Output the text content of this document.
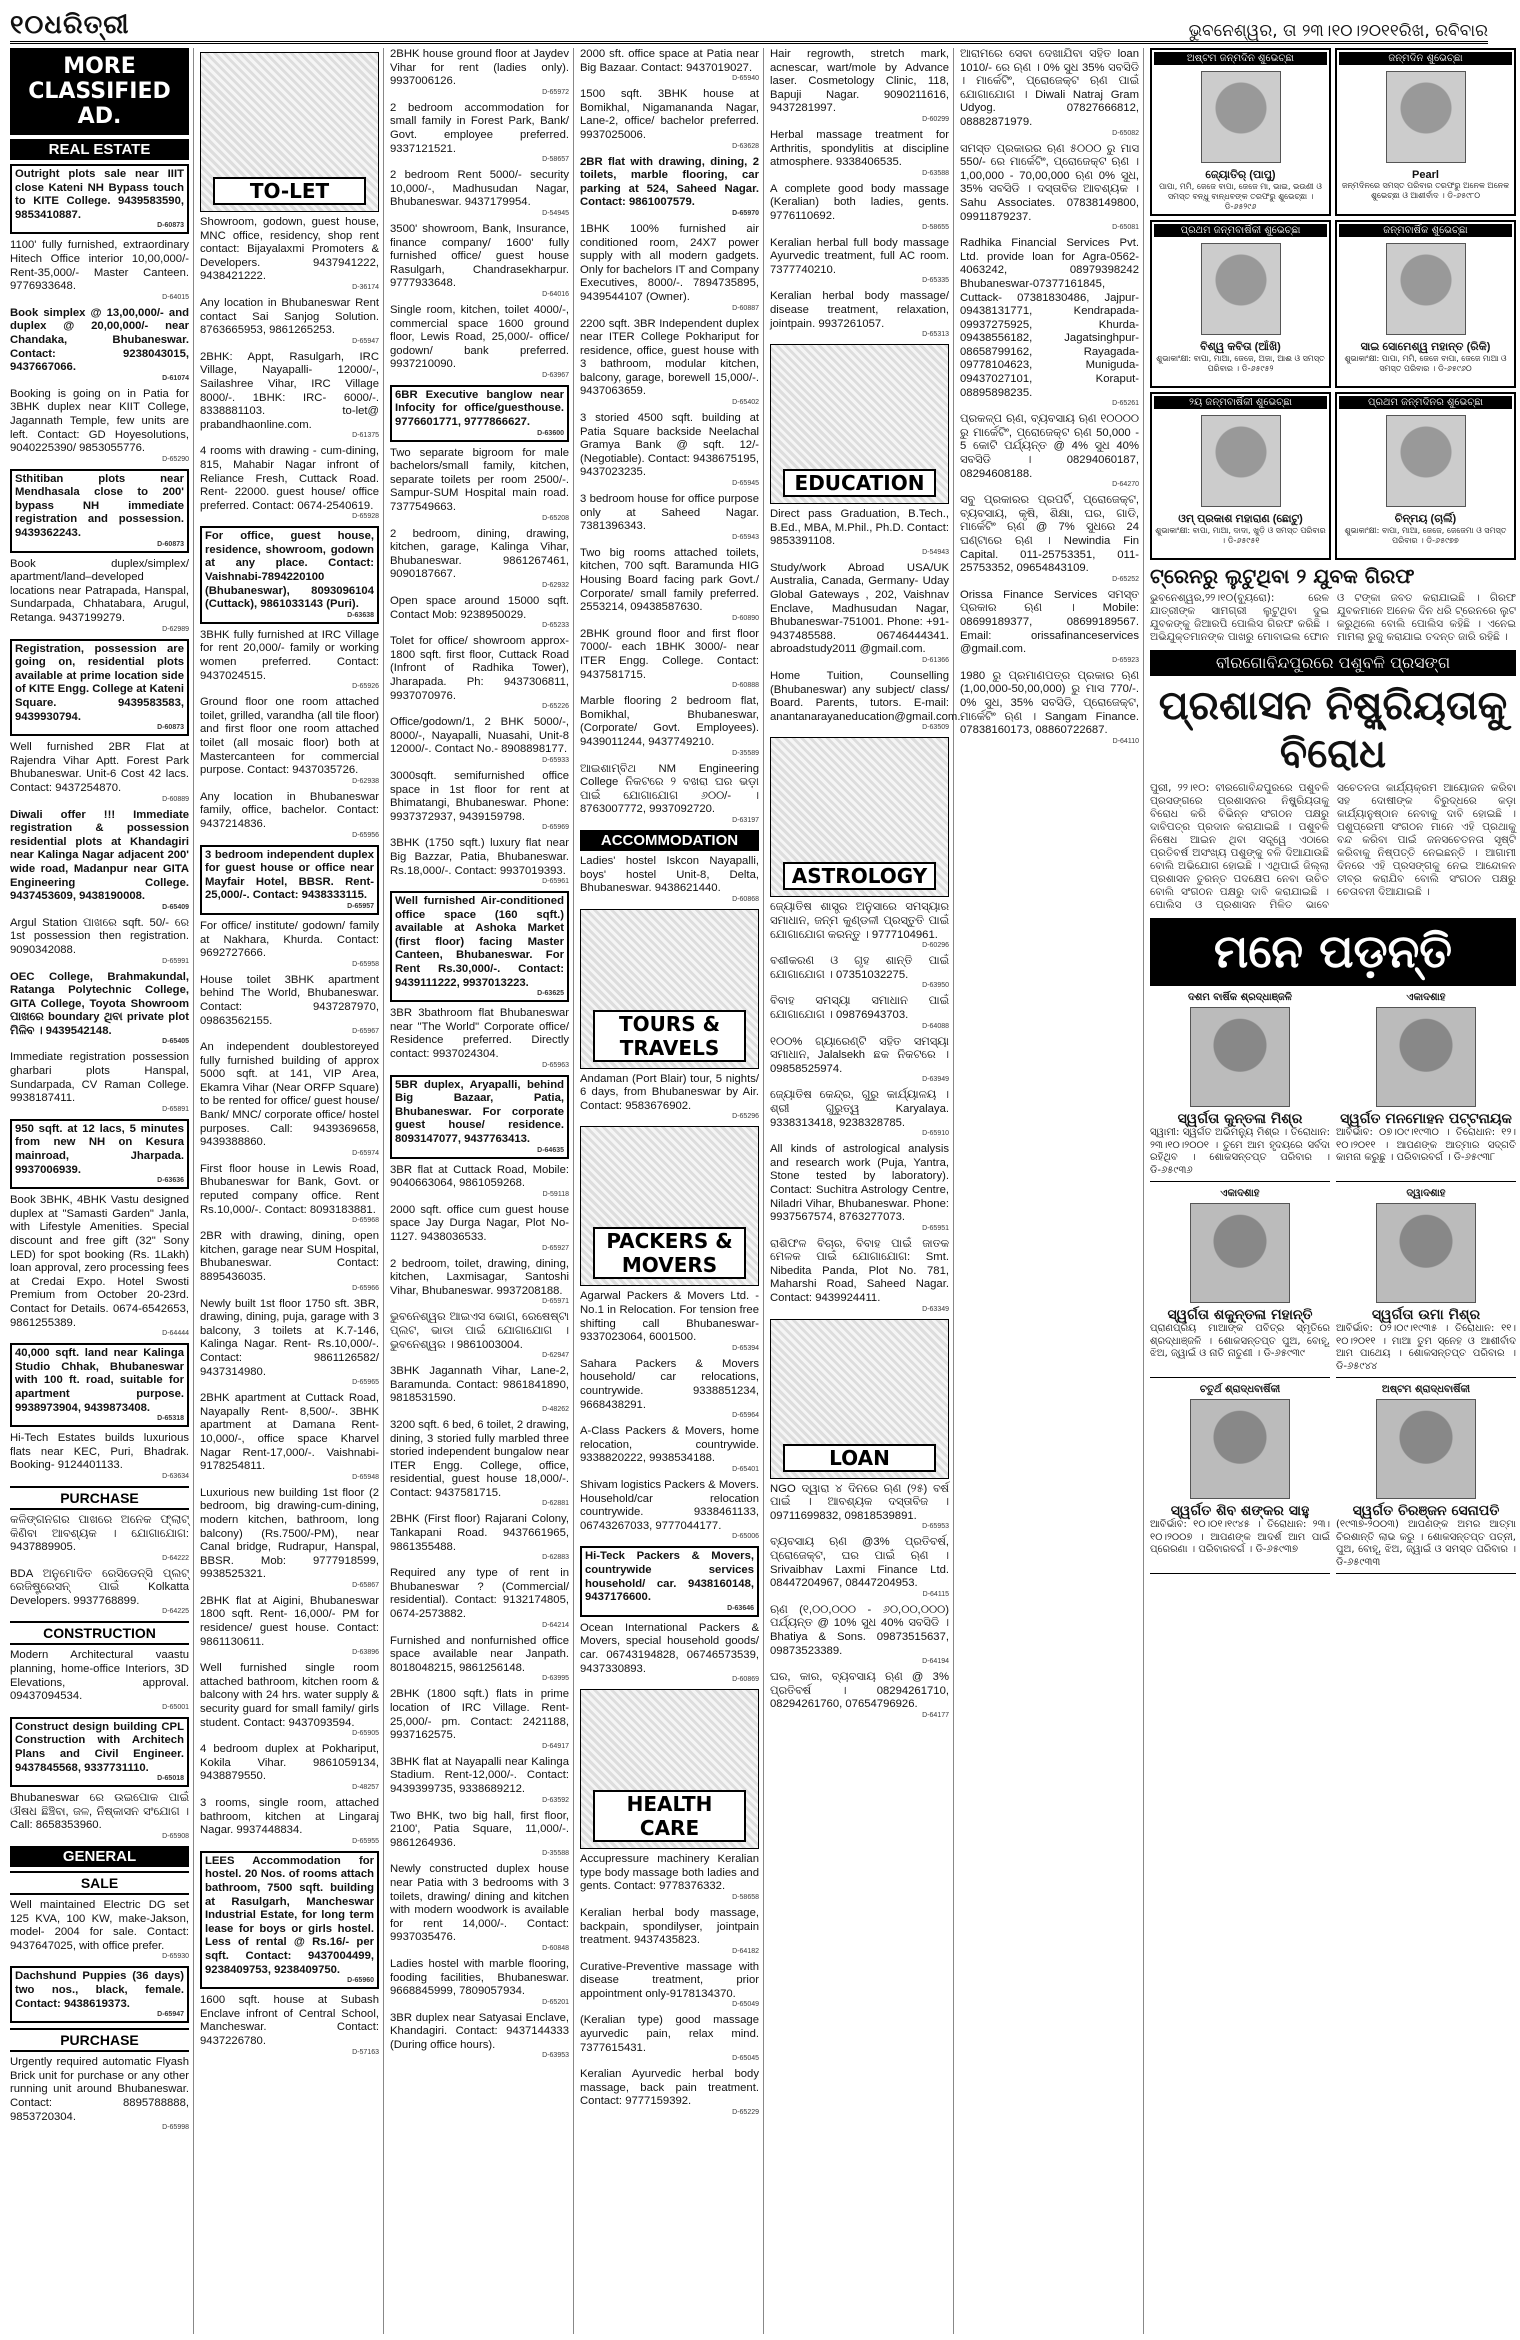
୧୦ଧରିତ୍ରୀ	ଭୁବନେଶ୍ୱର, ତା ୨୩।୧୦।୨୦୧୧ରିଖ, ରବିବାର
MORE CLASSIFIED AD.
REAL ESTATE
Outright plots sale near IIIT close Kateni NH Bypass touch to KITE College. 9439583590, 9853410887.
D-60873
1100' fully furnished, extraordinary Hitech Office interior 10,00,000/- Rent-35,000/- Master Canteen. 9776933648.
D-64015
Book simplex @ 13,00,000/- and duplex @ 20,00,000/- near Chandaka, Bhubaneswar. Contact: 9238043015, 9437667066.
D-61074
Booking is going on in Patia for 3BHK duplex near KIIT College, Jagannath Temple, few units are left. Contact: GD Hoyesolutions, 9040225390/ 9853055776.
D-65290
Sthitiban plots near Mendhasala close to 200' bypass NH immediate registration and possession. 9439362243.
D-60873
Book duplex/simplex/ apartment/land–developed locations near Patrapada, Hanspal, Sundarpada, Chhatabara, Arugul, Retanga. 9437199279.
D-62989
Registration, possession are going on, residential plots available at prime location side of KITE Engg. College at Kateni Square. 9439583583, 9439930794.
D-60873
Well furnished 2BR Flat at Rajendra Vihar Aptt. Forest Park Bhubaneswar. Unit-6 Cost 42 lacs. Contact: 9437254870.
D-60889
Diwali offer !!! Immediate registration & possession residential plots at Khandagiri near Kalinga Nagar adjacent 200' wide road, Madanpur near GITA Engineering College. 9437453609, 9438190008.
D-65409
Argul Station ପାଖରେ sqft. 50/- ରେ 1st possession then registration. 9090342088.
D-65991
OEC College, Brahmakundal, Ratanga Polytechnic College, GITA College, Toyota Showroom ପାଖରେ boundary ଥିବା private plot ମିଳିବ । 9439542148.
D-65405
Immediate registration possession gharbari plots Hanspal, Sundarpada, CV Raman College. 9938187411.
D-65891
950 sqft. at 12 lacs, 5 minutes from new NH on Kesura mainroad, Jharpada. 9937006939.
D-63636
Book 3BHK, 4BHK Vastu designed duplex at "Samasti Garden" Janla, with Lifestyle Amenities. Special discount and free gift (32" Sony LED) for spot booking (Rs. 1Lakh) loan approval, zero processing fees at Credai Expo. Hotel Swosti Premium from October 20-23rd. Contact for Details. 0674-6542653, 9861255389.
D-64444
40,000 sqft. land near Kalinga Studio Chhak, Bhubaneswar with 100 ft. road, suitable for apartment purpose. 9938973904, 9439873408.
D-65318
Hi-Tech Estates builds luxurious flats near KEC, Puri, Bhadrak. Booking- 9124401133.
D-63634
PURCHASE
କଳିଙ୍ଗନଗର ପାଖରେ ଅନେକ ଫ୍ଲାଟ୍ କିଣିବା ଆବଶ୍ୟକ । ଯୋଗାଯୋଗ: 9437889905.
D-64222
BDA ଅନୁମୋଦିତ ରେସିଡେନ୍ସି ପ୍ଲଟ୍ ରେଜିଷ୍ଟ୍ରେସନ୍ ପାଇଁ Kolkatta Developers. 9937768899.
D-64225
CONSTRUCTION
Modern Architectural vaastu planning, home-office Interiors, 3D Elevations, approval. 09437094534.
D-65001
Construct design building CPL Construction with Architech Plans and Civil Engineer. 9437845568, 9337731110.
D-65018
Bhubaneswar ରେ ଉଇପୋକ ପାଇଁ ଔଷଧ ଛିଞ୍ଚିବା, ଜଳ, ନିଷ୍କାସନ ସଂଯୋଗ । Call: 8658353960.
D-65908
GENERAL
SALE
Well maintained Electric DG set 125 KVA, 100 KW, make-Jakson, model- 2004 for sale. Contact: 9437647025, with office prefer.
D-65930
Dachshund Puppies (36 days) two nos., black, female. Contact: 9438619373.
D-65947
PURCHASE
Urgently required automatic Flyash Brick unit for purchase or any other running unit around Bhubaneswar. Contact: 8895788888, 9853720304.
D-65998
TO-LET
Showroom, godown, guest house, MNC office, residency, shop rent contact: Bijayalaxmi Promoters & Developers. 9437941222, 9438421222.
D-36174
Any location in Bhubaneswar Rent contact Sai Sanjog Solution. 8763665953, 9861265253.
D-65947
2BHK: Appt, Rasulgarh, IRC Village, Nayapalli- 12000/-, Sailashree Vihar, IRC Village 8000/-. 1BHK: IRC- 6000/-. 8338881103. to-let@ prabandhaonline.com.
D-61375
4 rooms with drawing - cum-dining, 815, Mahabir Nagar infront of Reliance Fresh, Cuttack Road. Rent- 22000. guest house/ office preferred. Contact: 0674-2540619.
D-65928
For office, guest house, residence, showroom, godown at any place. Contact: Vaishnabi-7894220100 (Bhubaneswar), 8093096104 (Cuttack), 9861033143 (Puri).
D-63638
3BHK fully furnished at IRC Village for rent 20,000/- family or working women preferred. Contact: 9437024515.
D-65926
Ground floor one room attached toilet, grilled, varandha (all tile floor) and first floor one room attached toilet (all mosaic floor) both at Mastercanteen for commercial purpose. Contact: 9437035726.
D-62938
Any location in Bhubaneswar family, office, bachelor. Contact: 9437214836.
D-65956
3 bedroom independent duplex for guest house or office near Mayfair Hotel, BBSR. Rent- 25,000/-. Contact: 9438333115.
D-65957
For office/ institute/ godown/ family at Nakhara, Khurda. Contact: 9692727666.
D-65958
House toilet 3BHK apartment behind The World, Bhubaneswar. Contact: 9437287970, 09863562155.
D-65967
An independent doublestoreyed fully furnished building of approx 5000 sqft. at 141, VIP Area, Ekamra Vihar (Near ORFP Square) to be rented for office/ guest house/ Bank/ MNC/ corporate office/ hostel purposes. Call: 9439369658, 9439388860.
D-65974
First floor house in Lewis Road, Bhubaneswar for Bank, Govt. or reputed company office. Rent Rs.10,000/-. Contact: 8093183881.
D-65968
2BR with drawing, dining, open kitchen, garage near SUM Hospital, Bhubaneswar. Contact: 8895436035.
D-65966
Newly built 1st floor 1750 sft. 3BR, drawing, dining, puja, garage with 3 balcony, 3 toilets at K.7-146, Kalinga Nagar. Rent- Rs.10,000/-. Contact: 9861126582/ 9437314980.
D-65965
2BHK apartment at Cuttack Road, Nayapally Rent- 8,500/-. 3BHK apartment at Damana Rent-10,000/-, office space Kharvel Nagar Rent-17,000/-. Vaishnabi- 9178254811.
D-65948
Luxurious new building 1st floor (2 bedroom, big drawing-cum-dining, modern kitchen, bathroom, long balcony) (Rs.7500/-PM), near Canal bridge, Rudrapur, Hanspal, BBSR. Mob: 9777918599, 9938525321.
D-65867
2BHK flat at Aigini, Bhubaneswar 1800 sqft. Rent- 16,000/- PM for residence/ guest house. Contact: 9861130611.
D-63896
Well furnished single room attached bathroom, kitchen room & balcony with 24 hrs. water supply & security guard for small family/ girls student. Contact: 9437093594.
D-65905
4 bedroom duplex at Pokhariput, Kokila Vihar. 9861059134, 9438879550.
D-48257
3 rooms, single room, attached bathroom, kitchen at Lingaraj Nagar. 9937448834.
D-65955
LEES Accommodation for hostel. 20 Nos. of rooms attach bathroom, 7500 sqft. building at Rasulgarh, Mancheswar Industrial Estate, for long term lease for boys or girls hostel. Less of rental @ Rs.16/- per sqft. Contact: 9437004499, 9238409753, 9238409750.
D-65960
1600 sqft. house at Subash Enclave infront of Central School, Mancheswar. Contact: 9437226780.
D-57163
2BHK house ground floor at Jaydev Vihar for rent (ladies only). 9937006126.
D-65972
2 bedroom accommodation for small family in Forest Park, Bank/ Govt. employee preferred. 9337121521.
D-58657
2 bedroom Rent 5000/- security 10,000/-, Madhusudan Nagar, Bhubaneswar. 9437179954.
D-54945
3500' showroom, Bank, Insurance, finance company/ 1600' fully furnished office/ guest house Rasulgarh, Chandrasekharpur. 9777933648.
D-64016
Single room, kitchen, toilet 4000/-, commercial space 1600 ground floor, Lewis Road, 25,000/- office/ godown/ bank preferred. 9937210090.
D-63967
6BR Executive banglow near Infocity for office/guesthouse. 9776601771, 9777866627.
D-63600
Two separate bigroom for male bachelors/small family, kitchen, separate toilets per room 2500/-. Sampur-SUM Hospital main road. 7377549663.
D-65208
2 bedroom, dining, drawing, kitchen, garage, Kalinga Vihar, Bhubaneswar. 9861267461, 9090187667.
D-62932
Open space around 15000 sqft. Contact Mob: 9238950029.
D-65233
Tolet for office/ showroom approx- 1800 sqft. first floor, Cuttack Road (Infront of Radhika Tower), Jharapada. Ph: 9437306811, 9937070976.
D-65226
Office/godown/1, 2 BHK 5000/-, 8000/-, Nayapalli, Nuasahi, Unit-8 12000/-. Contact No.- 8908898177.
D-65933
3000sqft. semifurnished office space in 1st floor for rent at Bhimatangi, Bhubaneswar. Phone: 9937372937, 9439159798.
D-65969
3BHK (1750 sqft.) luxury flat near Big Bazzar, Patia, Bhubaneswar. Rs.18,000/-. Contact: 9937019393.
D-65961
Well furnished Air-conditioned office space (160 sqft.) available at Ashoka Market (first floor) facing Master Canteen, Bhubaneswar. For Rent Rs.30,000/-. Contact: 9439111222, 9937013223.
D-63625
3BR 3bathroom flat Bhubaneswar near "The World" Corporate office/ Residence preferred. Directly contact: 9937024304.
D-65963
5BR duplex, Aryapalli, behind Big Bazaar, Patia, Bhubaneswar. For corporate guest house/ residence. 8093147077, 9437763413.
D-64635
3BR flat at Cuttack Road, Mobile: 9040663064, 9861059268.
D-59118
2000 sqft. office cum guest house space Jay Durga Nagar, Plot No-1127. 9438036533.
D-65927
2 bedroom, toilet, drawing, dining, kitchen, Laxmisagar, Santoshi Vihar, Bhubaneswar. 9937208188.
D-65971
ଭୁବନେଶ୍ୱର ଆଇଏସ ଭୋଗ, ରେଷେଷ୍ଟା ପ୍ଲଟ, ଭାଡା ପାଇଁ ଯୋଗାଯୋଗ । ଭୁବନେଶ୍ୱର । 9861003004.
D-62947
3BHK Jagannath Vihar, Lane-2, Baramunda. Contact: 9861841890, 9818531590.
D-48262
3200 sqft. 6 bed, 6 toilet, 2 drawing, dining, 3 storied fully marbled three storied independent bungalow near ITER Engg. College, office, residential, guest house 18,000/-. Contact: 9437581715.
D-62881
2BHK (First floor) Rajarani Colony, Tankapani Road. 9437661965, 9861355488.
D-62883
Required any type of rent in Bhubaneswar ? (Commercial/ residential). Contact: 9132174805, 0674-2573882.
D-64214
Furnished and nonfurnished office space available near Janpath. 8018048215, 9861256148.
D-63995
2BHK (1800 sqft.) flats in prime location of IRC Village. Rent- 25,000/- pm. Contact: 2421188, 9937162575.
D-64917
3BHK flat at Nayapalli near Kalinga Stadium. Rent-12,000/-. Contact: 9439399735, 9338689212.
D-63592
Two BHK, two big hall, first floor, 2100', Patia Square, 11,000/-. 9861264936.
D-35588
Newly constructed duplex house near Patia with 3 bedrooms with 3 toilets, drawing/ dining and kitchen with modern woodwork is available for rent 14,000/-. Contact: 9937035476.
D-60848
Ladies hostel with marble flooring, fooding facilities, Bhubaneswar. 9668845999, 7809057934.
D-65201
3BR duplex near Satyasai Enclave, Khandagiri. Contact: 9437144333 (During office hours).
D-63953
2000 sft. office space at Patia near Big Bazaar. Contact: 9437019027.
D-65940
1500 sqft. 3BHK house at Bomikhal, Nigamananda Nagar, Lane-2, office/ bachelor preferred. 9937025006.
D-63628
2BR flat with drawing, dining, 2 toilets, marble flooring, car parking at 524, Saheed Nagar. Contact: 9861007579.
D-65970
1BHK 100% furnished air conditioned room, 24X7 power supply with all modern gadgets. Only for bachelors IT and Company Executives, 8000/-. 7894735895, 9439544107 (Owner).
D-60887
2200 sqft. 3BR Independent duplex near ITER College Pokhariput for residence, office, guest house with 3 bathroom, modular kitchen, balcony, garage, borewell 15,000/-. 9437063659.
D-65402
3 storied 4500 sqft. building at Patia Square backside Neelachal Gramya Bank @ sqft. 12/- (Negotiable). Contact: 9438675195, 9437023235.
D-65945
3 bedroom house for office purpose only at Saheed Nagar. 7381396343.
D-65943
Two big rooms attached toilets, kitchen, 700 sqft. Baramunda HIG Housing Board facing park Govt./ Corporate/ small family preferred. 2553214, 09438587630.
D-60890
2BHK ground floor and first floor 7000/- each 1BHK 3000/- near ITER Engg. College. Contact: 9437581715.
D-60888
Marble flooring 2 bedroom flat, Bomikhal, Bhubaneswar, (Corporate/ Govt. Employees). 9439011244, 9437749210.
D-35589
ଆଇଶାମ୍ବିଥ NM Engineering College ନିକଟରେ ୨ ବଖରା ଘର ଭଡ଼ା ପାଇଁ ଯୋଗାଯୋଗ ୬୦୦/- । 8763007772, 9937092720.
D-63197
ACCOMMODATION
Ladies' hostel Iskcon Nayapalli, boys' hostel Unit-8, Delta, Bhubaneswar. 9438621440.
D-60868
TOURS & TRAVELS
Andaman (Port Blair) tour, 5 nights/ 6 days, from Bhubaneswar by Air. Contact: 9583676902.
D-65296
PACKERS & MOVERS
Agarwal Packers & Movers Ltd. - No.1 in Relocation. For tension free shifting call Bhubaneswar- 9337023064, 6001500.
D-65394
Sahara Packers & Movers household/ car relocations, countrywide. 9338851234, 9668438291.
D-65964
A-Class Packers & Movers, home relocation, countrywide. 9338820222, 9938534188.
D-65401
Shivam logistics Packers & Movers. Household/car relocation countrywide. 9338461133, 06743267033, 9777044177.
D-65006
Hi-Teck Packers & Movers, countrywide services household/ car. 9438160148, 9437176600.
D-63646
Ocean International Packers & Movers, special household goods/ car. 06743194828, 06746573539, 9437330893.
D-60869
HEALTH CARE
Accupressure machinery Keralian type body massage both ladies and gents. Contact: 9778376332.
D-58658
Keralian herbal body massage, backpain, spondilyser, jointpain treatment. 9437435823.
D-64182
Curative-Preventive massage with disease treatment, prior appointment only-9178134370.
D-65049
(Keralian type) good massage ayurvedic pain, relax mind. 7377615431.
D-65045
Keralian Ayurvedic herbal body massage, back pain treatment. Contact: 9777159392.
D-65229
Hair regrowth, stretch mark, acnescar, wart/mole by Advance laser. Cosmetology Clinic, 118, Bapuji Nagar. 9090211616, 9437281997.
D-60299
Herbal massage treatment for Arthritis, spondylitis at discipline atmosphere. 9338406535.
D-63588
A complete good body massage (Keralian) both ladies, gents. 9776110692.
D-58655
Keralian herbal full body massage Ayurvedic treatment, full AC room. 7377740210.
D-65335
Keralian herbal body massage/ disease treatment, relaxation, jointpain. 9937261057.
D-65313
EDUCATION
Direct pass Graduation, B.Tech., B.Ed., MBA, M.Phil., Ph.D. Contact: 9853391108.
D-54943
Study/work Abroad USA/UK Australia, Canada, Germany- Uday Global Gateways , 202, Vaishnav Enclave, Madhusudan Nagar, Bhubaneswar-751001. Phone: +91-9437485588. 06746444341. abroadstudy2011 @gmail.com.
D-61366
Home Tuition, Counselling (Bhubaneswar) any subject/ class/ Board. Parents, tutors. E-mail: anantanarayaneducation@gmail.com.
D-63509
ASTROLOGY
ଜ୍ୟୋତିଷ ଶାସ୍ତ୍ର ଅନୁସାରେ ସମସ୍ୟାର ସମାଧାନ, ଜନ୍ମ କୁଣ୍ଡଳୀ ପ୍ରସ୍ତୁତି ପାଇଁ ଯୋଗାଯୋଗ କରନ୍ତୁ । 9777104961.
D-60296
ବଶୀକରଣ ଓ ଗୃହ ଶାନ୍ତି ପାଇଁ ଯୋଗାଯୋଗ । 07351032275.
D-63950
ବିବାହ ସମସ୍ୟା ସମାଧାନ ପାଇଁ ଯୋଗାଯୋଗ । 09876943703.
D-64088
୧୦୦% ଗ୍ୟାରେଣ୍ଟି ସହିତ ସମସ୍ୟା ସମାଧାନ, Jalalsekh ଛକ ନିକଟରେ । 09858525974.
D-63949
ଜ୍ୟୋତିଷ କେନ୍ଦ୍ର, ଗୁରୁ କାର୍ଯ୍ୟାଳୟ । ଶ୍ରୀ ଗୁରୁତ୍ୱ Karyalaya. 9338313418, 9238328785.
D-65910
All kinds of astrological analysis and research work (Puja, Yantra, Stone tested by laboratory). Contact: Suchitra Astrology Centre, Niladri Vihar, Bhubaneswar. Phone: 9937567574, 8763277073.
D-65951
ରାଶିଫଳ ବିଚାର, ବିବାହ ପାଇଁ ଜାତକ ମେଳକ ପାଇଁ ଯୋଗାଯୋଗ: Smt. Nibedita Panda, Plot No. 781, Maharshi Road, Saheed Nagar. Contact: 9439924411.
D-63349
LOAN
NGO ଦ୍ୱାରା ୪ ଦିନରେ ଋଣ (୨୫) ବର୍ଷ ପାଇଁ । ଆବଶ୍ୟକ ଦସ୍ତାବିଜ । 09711699832, 09818539891.
D-65953
ବ୍ୟବସାୟ ଋଣ @3% ପ୍ରତିବର୍ଷ, ପ୍ରୋଜେକ୍ଟ, ଘର ପାଇଁ ଋଣ । Srivaibhav Laxmi Finance Ltd. 08447204967, 08447204953.
D-64115
ଋଣ (୧,୦୦,୦୦୦ - ୬୦,୦୦,୦୦୦) ପର୍ଯ୍ୟନ୍ତ @ 10% ସୁଧ 40% ସବସିଡି । Bhatiya & Sons. 09873515637, 09873523389.
D-64194
ଘର, କାର, ବ୍ୟବସାୟ ଋଣ @ 3% ପ୍ରତିବର୍ଷ । 08294261710, 08294261760, 07654796926.
D-64177
ଆରାମରେ ସେବା ଦେଖାଯିବା ସହିତ loan 1010/- ରେ ଋଣ । 0% ସୁଧ 35% ସବସିଡି । ମାର୍କେଟିଂ, ପ୍ରୋଜେକ୍ଟ ଋଣ ପାଇଁ ଯୋଗାଯୋଗ । Diwali Natraj Gram Udyog. 07827666812, 08882871979.
D-65082
ସମସ୍ତ ପ୍ରକାରର ଋଣ ୫୦୦୦ ରୁ ମାସ 550/- ରେ ମାର୍କେଟିଂ, ପ୍ରୋଜେକ୍ଟ ଋଣ । 1,00,000 - 70,00,000 ଋଣ 0% ସୁଧ, 35% ସବସିଡି । ଦସ୍ତାବିଜ ଆବଶ୍ୟକ । Sahu Associates. 07838149800, 09911879237.
D-65081
Radhika Financial Services Pvt. Ltd. provide loan for Agra-0562-4063242, 08979398242 Bhubaneswar-07377161845, Cuttack- 07381830486, Jajpur- 09438131771, Kendrapada- 09937275925, Khurda- 09438556182, Jagatsinghpur- 08658799162, Rayagada- 09778104623, Muniguda- 09437027101, Koraput- 08895898235.
D-65261
ପ୍ରକଳ୍ପ ଋଣ, ବ୍ୟବସାୟ ଋଣ ୧୦୦୦୦ ରୁ ମାର୍କେଟିଂ, ପ୍ରୋଜେକ୍ଟ ଋଣ 50,000 - 5 କୋଟି ପର୍ଯ୍ୟନ୍ତ @ 4% ସୁଧ 40% ସବସିଡି । 08294060187, 08294608188.
D-64270
ସବୁ ପ୍ରକାରର ପ୍ରପର୍ଟି, ପ୍ରୋଜେକ୍ଟ, ବ୍ୟବସାୟ, କୃଷି, ଶିକ୍ଷା, ଘର, ଗାଡି, ମାର୍କେଟିଂ ଋଣ @ 7% ସୁଧରେ 24 ଘଣ୍ଟାରେ ଋଣ । Newindia Fin Capital. 011-25753351, 011-25753352, 09654843109.
D-65252
Orissa Finance Services ସମସ୍ତ ପ୍ରକାର ଋଣ । Mobile: 08699189377, 08699189567. Email: orissafinanceservices @gmail.com.
D-65923
1980 ରୁ ପ୍ରମାଣପତ୍ର ପ୍ରକାର ଋଣ (1,00,000-50,00,000) ରୁ ମାସ 770/-. 0% ସୁଧ, 35% ସବସିଡି, ପ୍ରୋଜେକ୍ଟ, ମାର୍କେଟିଂ ଋଣ । Sangam Finance. 07838160173, 08860722687.
D-64110
ଅଷ୍ଟମ ଜନ୍ମଦିନ ଶୁଭେଚ୍ଛା
ଜ୍ୟୋତିର୍ (ପାପୁ)
ପାପା, ମମି, ଜେଜେ ବାପା, ଜେଜେ ମା, ଭାଇ, ଭଉଣୀ ଓ ସମସ୍ତ ବନ୍ଧୁ ବାନ୍ଧବଙ୍କ ତରଫରୁ ଶୁଭେଚ୍ଛା । ଡି-୬୫୨୯୬
ଜନ୍ମଦିନ ଶୁଭେଚ୍ଛା
Pearl
ଜନ୍ମଦିନରେ ସମସ୍ତ ପରିବାର ତରଫରୁ ଅନେକ ଅନେକ ଶୁଭେଚ୍ଛା ଓ ଆଶୀର୍ବାଦ । ଡି-୬୫୯୮୦
ପ୍ରଥମ ଜନ୍ମବାର୍ଷିକୀ ଶୁଭେଚ୍ଛା
ବିଶ୍ୱ କବିତା (ଆଁଖି)
ଶୁଭାକାଂକ୍ଷୀ: ବାପା, ମାଆ, ଜେଜେ, ଅଜା, ଆଈ ଓ ସମସ୍ତ ପରିବାର । ଡି-୬୫୯୫୨
ଜନ୍ମବାର୍ଷିକ ଶୁଭେଚ୍ଛା
ସାଇ ସୋମେଶ୍ୱ ମହାନ୍ତ (ରିକି)
ଶୁଭାକାଂକ୍ଷୀ: ପାପା, ମମି, ଜେଜେ ବାପା, ଜେଜେ ମାଆ ଓ ସମସ୍ତ ପରିବାର । ଡି-୬୫୯୬୦
୨ୟ ଜନ୍ମବାର୍ଷିକୀ ଶୁଭେଚ୍ଛା
ଓମ୍ ପ୍ରକାଶ ମହାରାଣ (ଛୋଟୁ)
ଶୁଭାକାଂକ୍ଷୀ: ବାପା, ମାଆ, ଦାଦା, ଖୁଡ଼ି ଓ ସମସ୍ତ ପରିବାର । ଡି-୬୫୯୫୧
ପ୍ରଥମ ଜନ୍ମଦିନର ଶୁଭେଚ୍ଛା
ଚିନ୍ମୟ (ଚାର୍ଲି)
ଶୁଭାକାଂକ୍ଷୀ: ବାପା, ମାଆ, ଜେଜେ, ଜେଜେମା ଓ ସମସ୍ତ ପରିବାର । ଡି-୬୫୯୭୭
ଟ୍ରେନରୁ ଲୁଟୁଥିବା ୨ ଯୁବକ ଗିରଫ
ଭୁବନେଶ୍ୱର,୨୨।୧୦(ବ୍ୟୁରୋ): ରେଳ ଯାତ୍ରୀଙ୍କ ସାମଗ୍ରୀ ଲୁଟୁଥିବା ଦୁଇ ଯୁବକଙ୍କୁ ଜିଆରପି ପୋଲିସ ଗିରଫ କରିଛି । ଅଭିଯୁକ୍ତମାନଙ୍କ ପାଖରୁ ମୋବାଇଲ ଫୋନ ଓ ଟଙ୍କା ଜବତ କରାଯାଇଛି । ଗିରଫ ଯୁବକମାନେ ଅନେକ ଦିନ ଧରି ଟ୍ରେନରେ ଲୁଟ କରୁଥିଲେ ବୋଲି ପୋଲିସ କହିଛି । ଏନେଇ ମାମଲା ରୁଜୁ କରାଯାଇ ତଦନ୍ତ ଜାରି ରହିଛି ।
ବୀରଗୋବିନ୍ଦପୁରରେ ପଶୁବଳି ପ୍ରସଙ୍ଗ
ପ୍ରଶାସନ ନିଷ୍କ୍ରିୟତାକୁ ବିରୋଧ
ପୁରୀ, ୨୨।୧୦: ବୀରଗୋବିନ୍ଦପୁରରେ ପଶୁବଳି ପ୍ରସଙ୍ଗରେ ପ୍ରଶାସନର ନିଷ୍କ୍ରିୟତାକୁ ବିରୋଧ କରି ବିଭିନ୍ନ ସଂଗଠନ ପକ୍ଷରୁ ଦାବିପତ୍ର ପ୍ରଦାନ କରାଯାଇଛି । ପଶୁବଳି ନିଷେଧ ଆଇନ ଥିବା ସତ୍ତ୍ୱେ ଏଠାରେ ପ୍ରତିବର୍ଷ ଅସଂଖ୍ୟ ପଶୁଙ୍କୁ ବଳି ଦିଆଯାଉଛି ବୋଲି ଅଭିଯୋଗ ହୋଇଛି । ଏଥିପାଇଁ ଜିଲ୍ଲା ପ୍ରଶାସନ ତୁରନ୍ତ ପଦକ୍ଷେପ ନେବା ଉଚିତ ବୋଲି ସଂଗଠନ ପକ୍ଷରୁ ଦାବି କରାଯାଇଛି । ପୋଲିସ ଓ ପ୍ରଶାସନ ମିଳିତ ଭାବେ ସଚେତନତା କାର୍ଯ୍ୟକ୍ରମ ଆୟୋଜନ କରିବା ସହ ଦୋଷୀଙ୍କ ବିରୁଦ୍ଧରେ କଡ଼ା କାର୍ଯ୍ୟାନୁଷ୍ଠାନ ନେବାକୁ ଦାବି ହୋଇଛି । ପଶୁପ୍ରେମୀ ସଂଗଠନ ମାନେ ଏହି ପ୍ରଥାକୁ ବନ୍ଦ କରିବା ପାଇଁ ଜନସଚେତନତା ସୃଷ୍ଟି କରିବାକୁ ନିଷ୍ପତ୍ତି ନେଇଛନ୍ତି । ଆଗାମୀ ଦିନରେ ଏହି ପ୍ରସଙ୍ଗକୁ ନେଇ ଆନ୍ଦୋଳନ ତୀବ୍ର କରାଯିବ ବୋଲି ସଂଗଠନ ପକ୍ଷରୁ ଚେତାବନୀ ଦିଆଯାଇଛି ।
ମନେ ପଡ଼ନ୍ତି
ଦଶମ ବାର୍ଷିକ ଶ୍ରଦ୍ଧାଞ୍ଜଳି
ସ୍ୱର୍ଗତା କୁନ୍ତଳା ମିଶ୍ର
ସ୍ୱାମୀ: ସ୍ୱର୍ଗତ ଅଭିମନ୍ୟୁ ମିଶ୍ର । ତିରୋଧାନ: ୨୩।୧୦।୨୦୦୧ । ତୁମେ ଆମ ହୃଦୟରେ ସର୍ବଦା ରହିଥିବ । ଶୋକସନ୍ତପ୍ତ ପରିବାର । ଡି-୬୫୯୩୬
ଏକାଦଶାହ
ସ୍ୱର୍ଗତ ମନମୋହନ ପଟ୍ଟନାୟକ
ଆବିର୍ଭାବ: ୦୭।୦୯।୧୯୩୦ । ତିରୋଧାନ: ୧୨।୧୦।୨୦୧୧ । ଆପଣଙ୍କ ଆତ୍ମାର ସଦ୍‌ଗତି କାମନା କରୁଛୁ । ପରିବାରବର୍ଗ । ଡି-୬୫୯୩୮
ଏକାଦଶାହ
ସ୍ୱର୍ଗତା ଶକୁନ୍ତଳା ମହାନ୍ତି
ପ୍ରାଣପ୍ରିୟ ମାଆଙ୍କ ପବିତ୍ର ସ୍ମୃତିରେ ଶ୍ରଦ୍ଧାଞ୍ଜଳି । ଶୋକସନ୍ତପ୍ତ ପୁଅ, ବୋହୂ, ଝିଅ, ଜ୍ୱାଇଁ ଓ ନାତି ନାତୁଣୀ । ଡି-୬୫୯୩୯
ଦ୍ୱାଦଶାହ
ସ୍ୱର୍ଗତା ଉମା ମିଶ୍ର
ଆବିର୍ଭାବ: ୦୨।୦୯।୧୯୩୫ । ତିରୋଧାନ: ୧୧।୧୦।୨୦୧୧ । ମାଆ ତୁମ ସ୍ନେହ ଓ ଆଶୀର୍ବାଦ ଆମ ପାଥେୟ । ଶୋକସନ୍ତପ୍ତ ପରିବାର । ଡି-୬୫୯୪୪
ଚତୁର୍ଥ ଶ୍ରାଦ୍ଧବାର୍ଷିକୀ
ସ୍ୱର୍ଗତ ଶିବ ଶଙ୍କର ସାହୁ
ଆବିର୍ଭାବ: ୧୦।୦୧।୧୯୪୫ । ତିରୋଧାନ: ୨୩।୧୦।୨୦୦୭ । ଆପଣଙ୍କ ଆଦର୍ଶ ଆମ ପାଇଁ ପ୍ରେରଣା । ପରିବାରବର୍ଗ । ଡି-୬୫୯୩୭
ଅଷ୍ଟମ ଶ୍ରାଦ୍ଧବାର୍ଷିକୀ
ସ୍ୱର୍ଗତ ଚିରଞ୍ଜନ ସେନାପତି
(୧୯୩୭-୨୦୦୩) ଆପଣଙ୍କ ଅମର ଆତ୍ମା ଚିରଶାନ୍ତି ଲାଭ କରୁ । ଶୋକସନ୍ତପ୍ତ ପତ୍ନୀ, ପୁଅ, ବୋହୂ, ଝିଅ, ଜ୍ୱାଇଁ ଓ ସମସ୍ତ ପରିବାର । ଡି-୬୫୯୩୩
